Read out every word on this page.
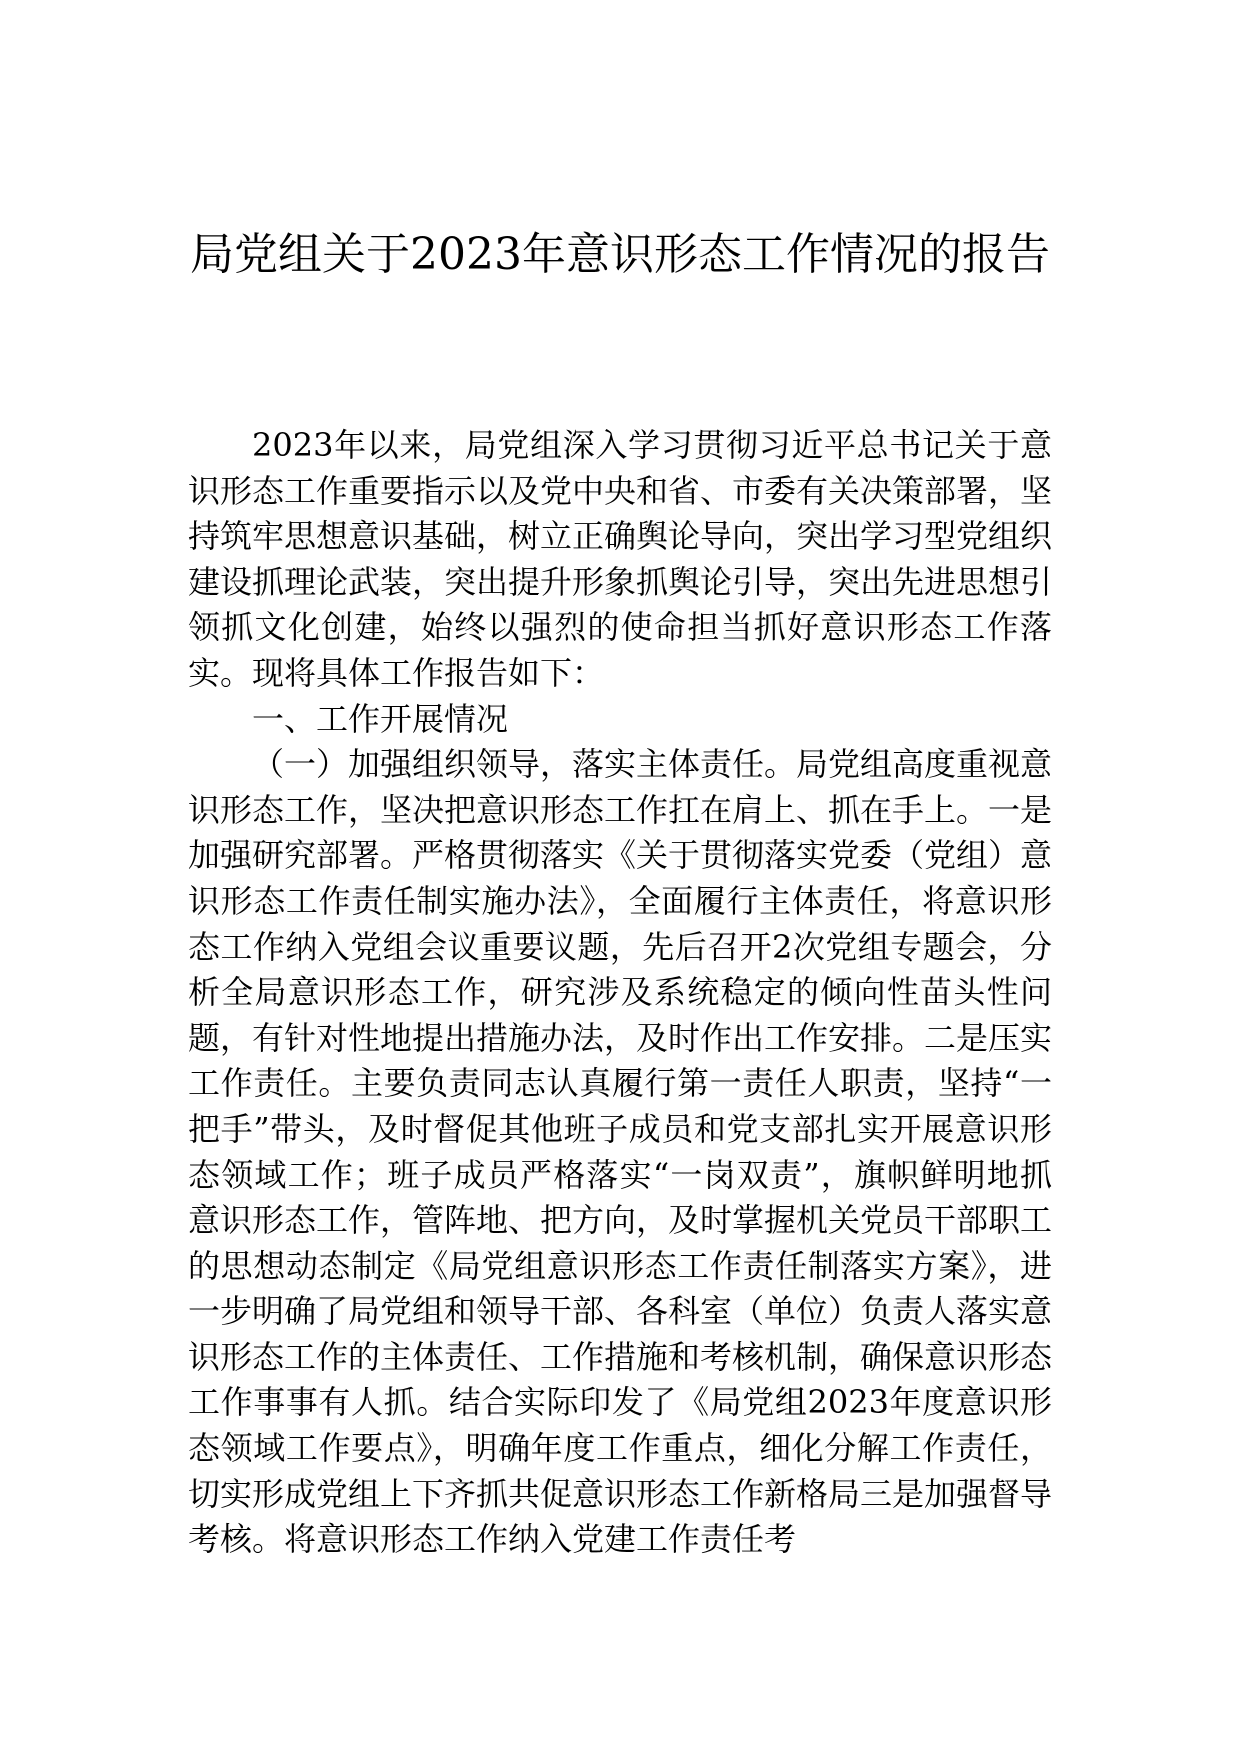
局党组关于2023年意识形态工作情况的报告

2023年以来，局党组深入学习贯彻习近平总书记关于意识形态工作重要指示以及党中央和省、市委有关决策部署，坚持筑牢思想意识基础，树立正确舆论导向，突出学习型党组织建设抓理论武装，突出提升形象抓舆论引导，突出先进思想引领抓文化创建，始终以强烈的使命担当抓好意识形态工作落实。现将具体工作报告如下：

一、工作开展情况

（一）加强组织领导，落实主体责任。局党组高度重视意识形态工作，坚决把意识形态工作扛在肩上、抓在手上。一是加强研究部署。严格贯彻落实《关于贯彻落实党委（党组）意识形态工作责任制实施办法》，全面履行主体责任，将意识形态工作纳入党组会议重要议题，先后召开2次党组专题会，分析全局意识形态工作，研究涉及系统稳定的倾向性苗头性问题，有针对性地提出措施办法，及时作出工作安排。二是压实工作责任。主要负责同志认真履行第一责任人职责，坚持“一把手”带头，及时督促其他班子成员和党支部扎实开展意识形态领域工作；班子成员严格落实“一岗双责”，旗帜鲜明地抓意识形态工作，管阵地、把方向，及时掌握机关党员干部职工的思想动态制定《局党组意识形态工作责任制落实方案》，进一步明确了局党组和领导干部、各科室（单位）负责人落实意识形态工作的主体责任、工作措施和考核机制，确保意识形态工作事事有人抓。结合实际印发了《局党组2023年度意识形态领域工作要点》，明确年度工作重点，细化分解工作责任，切实形成党组上下齐抓共促意识形态工作新格局三是加强督导考核。将意识形态工作纳入党建工作责任考
